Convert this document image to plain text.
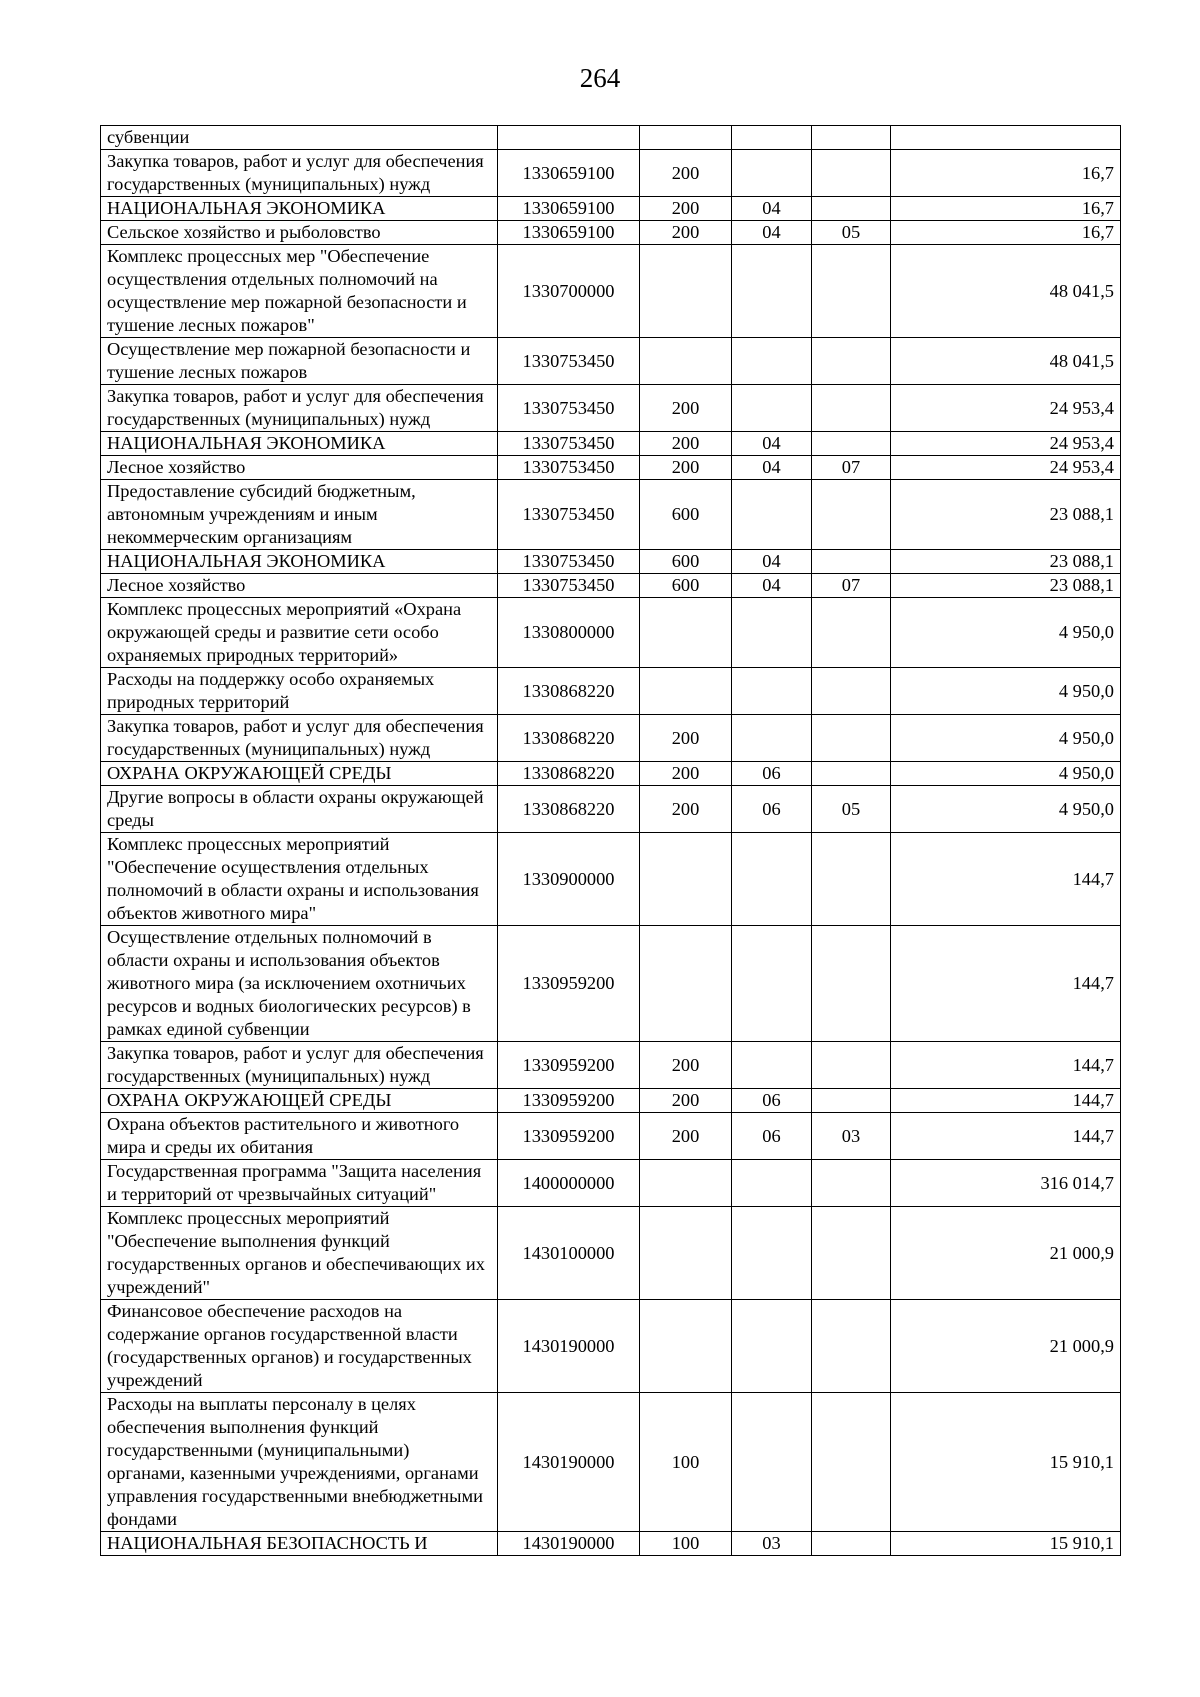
264
субвенции					
Закупка товаров, работ и услуг для обеспечения государственных (муниципальных) нужд	1330659100	200			16,7
НАЦИОНАЛЬНАЯ ЭКОНОМИКА	1330659100	200	04		16,7
Сельское хозяйство и рыболовство	1330659100	200	04	05	16,7
Комплекс процессных мер "Обеспечение осуществления отдельных полномочий на осуществление мер пожарной безопасности и тушение лесных пожаров"	1330700000				48 041,5
Осуществление мер пожарной безопасности и тушение лесных пожаров	1330753450				48 041,5
Закупка товаров, работ и услуг для обеспечения государственных (муниципальных) нужд	1330753450	200			24 953,4
НАЦИОНАЛЬНАЯ ЭКОНОМИКА	1330753450	200	04		24 953,4
Лесное хозяйство	1330753450	200	04	07	24 953,4
Предоставление субсидий бюджетным, автономным учреждениям и иным некоммерческим организациям	1330753450	600			23 088,1
НАЦИОНАЛЬНАЯ ЭКОНОМИКА	1330753450	600	04		23 088,1
Лесное хозяйство	1330753450	600	04	07	23 088,1
Комплекс процессных мероприятий «Охрана окружающей среды и развитие сети особо охраняемых природных территорий»	1330800000				4 950,0
Расходы на поддержку особо охраняемых природных территорий	1330868220				4 950,0
Закупка товаров, работ и услуг для обеспечения государственных (муниципальных) нужд	1330868220	200			4 950,0
ОХРАНА ОКРУЖАЮЩЕЙ СРЕДЫ	1330868220	200	06		4 950,0
Другие вопросы в области охраны окружающей среды	1330868220	200	06	05	4 950,0
Комплекс процессных мероприятий "Обеспечение осуществления отдельных полномочий в области охраны и использования объектов животного мира"	1330900000				144,7
Осуществление отдельных полномочий в области охраны и использования объектов животного мира (за исключением охотничьих ресурсов и водных биологических ресурсов) в рамках единой субвенции	1330959200				144,7
Закупка товаров, работ и услуг для обеспечения государственных (муниципальных) нужд	1330959200	200			144,7
ОХРАНА ОКРУЖАЮЩЕЙ СРЕДЫ	1330959200	200	06		144,7
Охрана объектов растительного и животного мира и среды их обитания	1330959200	200	06	03	144,7
Государственная программа "Защита населения и территорий от чрезвычайных ситуаций"	1400000000				316 014,7
Комплекс процессных мероприятий "Обеспечение выполнения функций государственных органов и обеспечивающих их учреждений"	1430100000				21 000,9
Финансовое обеспечение расходов на содержание органов государственной власти (государственных органов) и государственных учреждений	1430190000				21 000,9
Расходы на выплаты персоналу в целях обеспечения выполнения функций государственными (муниципальными) органами, казенными учреждениями, органами управления государственными внебюджетными фондами	1430190000	100			15 910,1
НАЦИОНАЛЬНАЯ БЕЗОПАСНОСТЬ И	1430190000	100	03		15 910,1
